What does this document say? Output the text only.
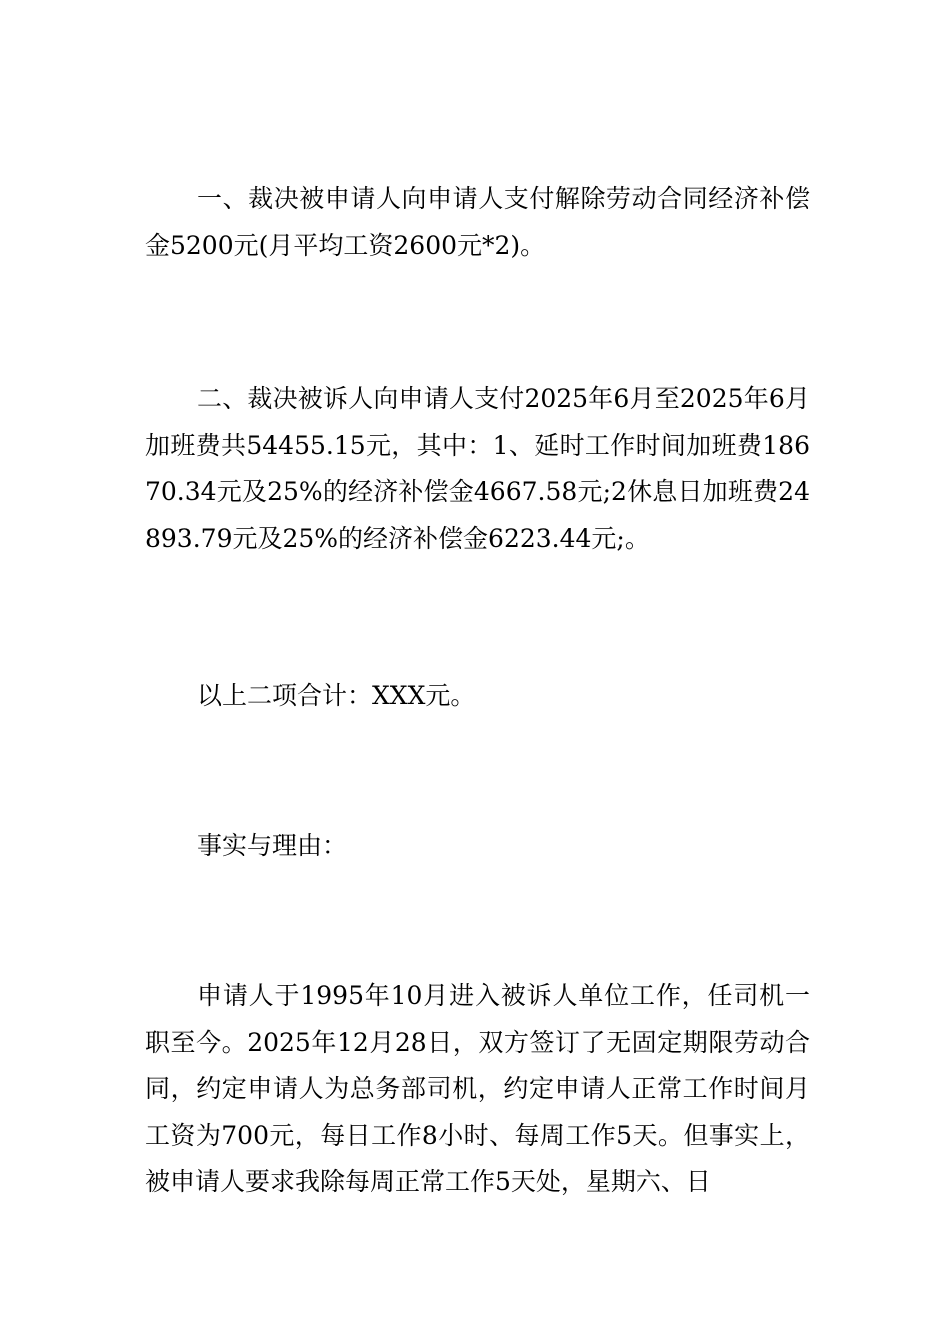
一、裁决被申请人向申请人支付解除劳动合同经济补偿金5200元(月平均工资2600元*2)。

二、裁决被诉人向申请人支付2025年6月至2025年6月加班费共54455.15元，其中：1、延时工作时间加班费18670.34元及25%的经济补偿金4667.58元;2休息日加班费24893.79元及25%的经济补偿金6223.44元;。

以上二项合计：XXX元。

事实与理由：

申请人于1995年10月进入被诉人单位工作，任司机一职至今。2025年12月28日，双方签订了无固定期限劳动合同，约定申请人为总务部司机，约定申请人正常工作时间月工资为700元，每日工作8小时、每周工作5天。但事实上，被申请人要求我除每周正常工作5天处，星期六、日
